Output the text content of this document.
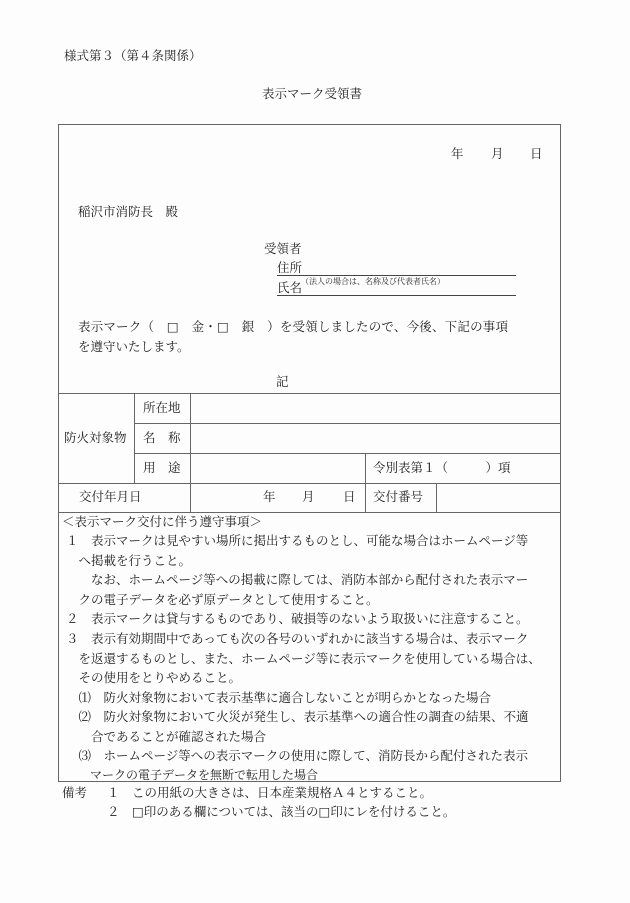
様式第３（第４条関係）
表示マーク受領書
年 月 日
稲沢市消防長　殿
受領者
住所
氏名
（法人の場合は、名称及び代表者氏名）
表示マーク（　□　金・□　銀　）を受領しましたので、今後、下記の事項
を遵守いたします。
記
防火対象物
所在地
名　称
用　途	令別表第１（　　　）項
交付年月日	年 月 日 交付番号
＜表示マーク交付に伴う遵守事項＞
１　表示マークは見やすい場所に掲出するものとし、可能な場合はホームページ等
　へ掲載を行うこと。
　　なお、ホームページ等への掲載に際しては、消防本部から配付された表示マー
　クの電子データを必ず原データとして使用すること。
２　表示マークは貸与するものであり、破損等のないよう取扱いに注意すること。
３　表示有効期間中であっても次の各号のいずれかに該当する場合は、表示マーク
　を返還するものとし、また、ホームページ等に表示マークを使用している場合は、
　その使用をとりやめること。
　⑴　防火対象物において表示基準に適合しないことが明らかとなった場合
　⑵　防火対象物において火災が発生し、表示基準への適合性の調査の結果、不適
　　合であることが確認された場合
　⑶　ホームページ等への表示マークの使用に際して、消防長から配付された表示
　　マークの電子データを無断で転用した場合
備考 １　この用紙の大きさは、日本産業規格Ａ４とすること。
２　□印のある欄については、該当の□印にレを付けること。
